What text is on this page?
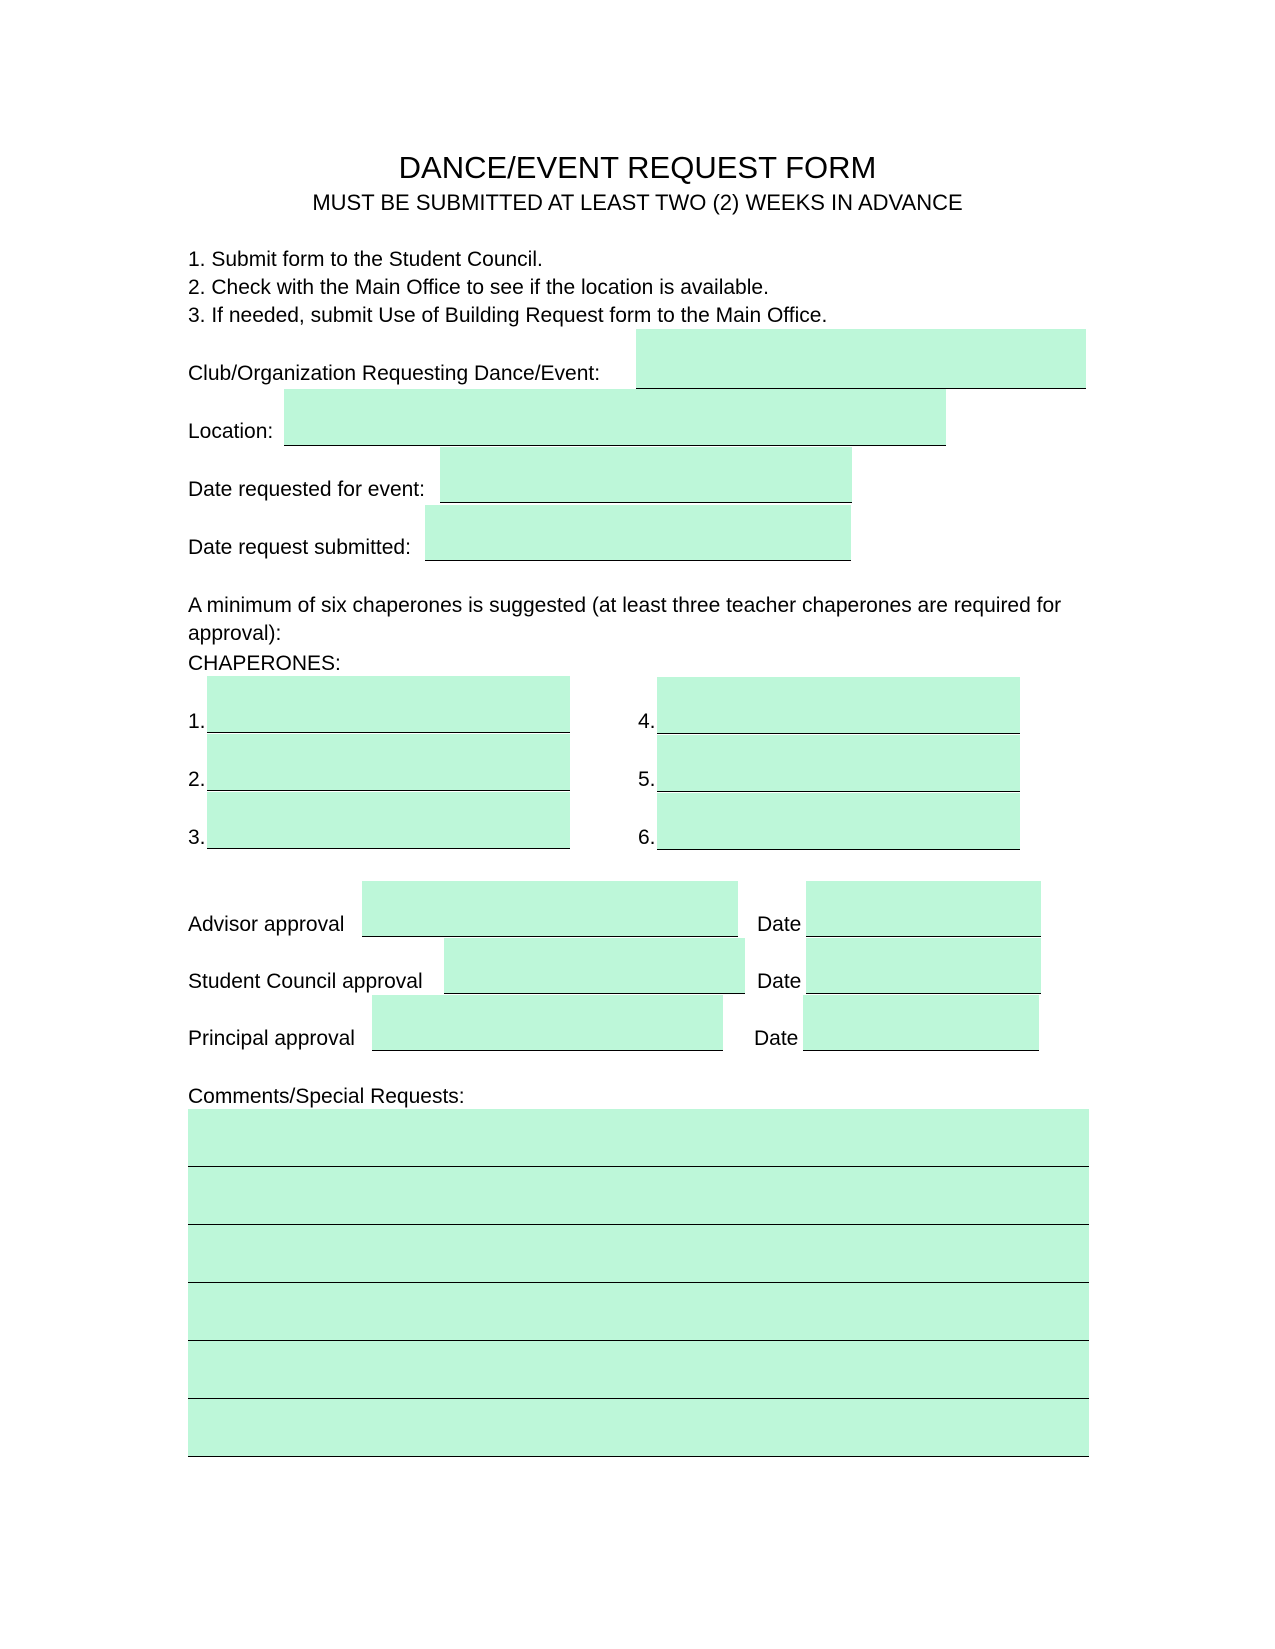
DANCE/EVENT REQUEST FORM
MUST BE SUBMITTED AT LEAST TWO (2) WEEKS IN ADVANCE
1. Submit form to the Student Council.
2. Check with the Main Office to see if the location is available.
3. If needed, submit Use of Building Request form to the Main Office.
Club/Organization Requesting Dance/Event:
Location:
Date requested for event:
Date request submitted:
A minimum of six chaperones is suggested (at least three teacher chaperones are required for approval):
CHAPERONES:
1.
2.
3.
4.
5.
6.
Advisor approval	Date
Student Council approval	Date
Principal approval	Date
Comments/Special Requests:
